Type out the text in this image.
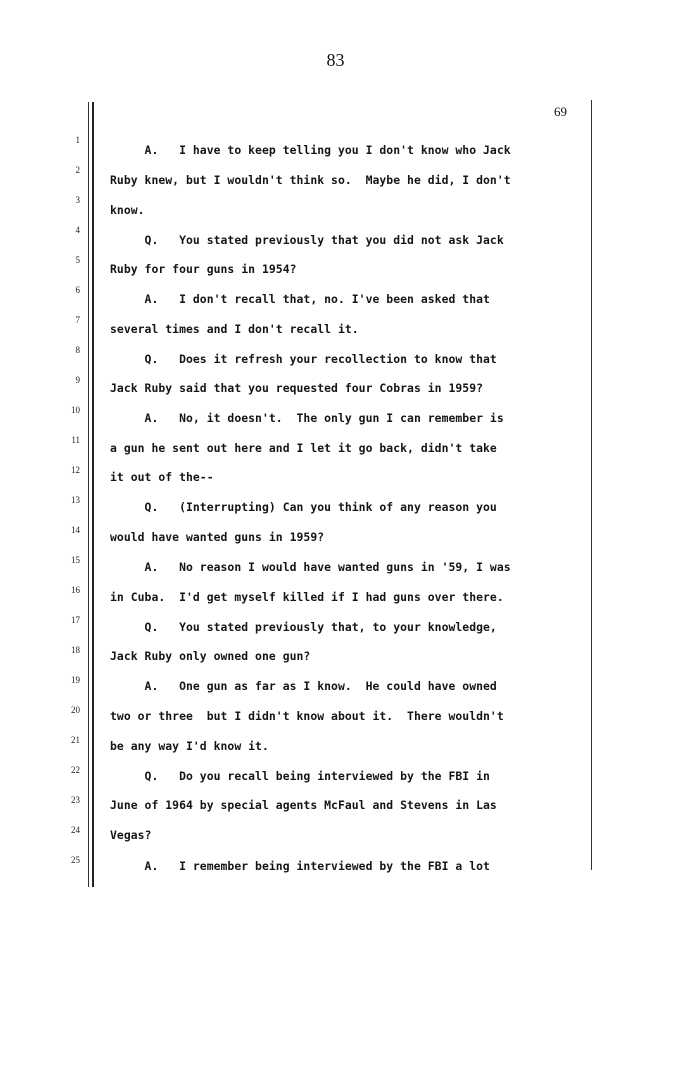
83
69
1
2
3
4
5
6
7
8
9
10
11
12
13
14
15
16
17
18
19
20
21
22
23
24
25
A.   I have to keep telling you I don't know who Jack
Ruby knew, but I wouldn't think so.  Maybe he did, I don't
know.
Q.   You stated previously that you did not ask Jack
Ruby for four guns in 1954?
A.   I don't recall that, no. I've been asked that
several times and I don't recall it.
Q.   Does it refresh your recollection to know that
Jack Ruby said that you requested four Cobras in 1959?
A.   No, it doesn't.  The only gun I can remember is
a gun he sent out here and I let it go back, didn't take
it out of the--
Q.   (Interrupting) Can you think of any reason you
would have wanted guns in 1959?
A.   No reason I would have wanted guns in '59, I was
in Cuba.  I'd get myself killed if I had guns over there.
Q.   You stated previously that, to your knowledge,
Jack Ruby only owned one gun?
A.   One gun as far as I know.  He could have owned
two or three  but I didn't know about it.  There wouldn't
be any way I'd know it.
Q.   Do you recall being interviewed by the FBI in
June of 1964 by special agents McFaul and Stevens in Las
Vegas?
A.   I remember being interviewed by the FBI a lot
